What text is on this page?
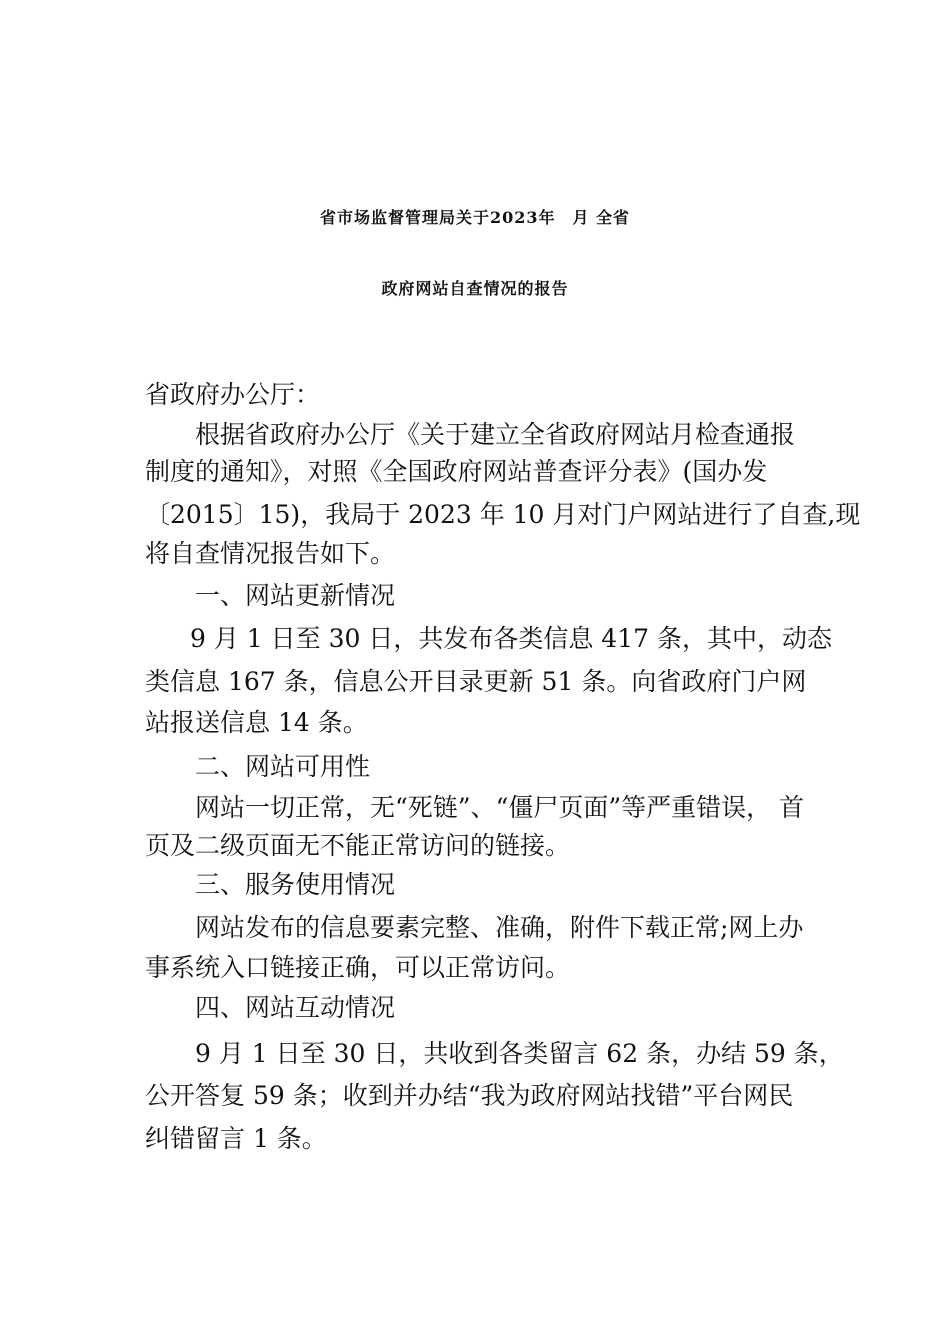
省市场监督管理局关于2023年　月 全省
政府网站自查情况的报告
省政府办公厅：
根据省政府办公厅《关于建立全省政府网站月检查通报
制度的通知》，对照《全国政府网站普查评分表》(国办发
〔2015〕15)，我局于 2023 年 10 月对门户网站进行了自查,现
将自查情况报告如下。
一、网站更新情况
9 月 1 日至 30 日，共发布各类信息 417 条，其中，动态
类信息 167 条，信息公开目录更新 51 条。向省政府门户网
站报送信息 14 条。
二、网站可用性
网站一切正常，无“死链”、“僵尸页面”等严重错误， 首
页及二级页面无不能正常访问的链接。
三、服务使用情况
网站发布的信息要素完整、准确，附件下载正常;网上办
事系统入口链接正确，可以正常访问。
四、网站互动情况
9 月 1 日至 30 日，共收到各类留言 62 条，办结 59 条，
公开答复 59 条；收到并办结“我为政府网站找错”平台网民
纠错留言 1 条。
